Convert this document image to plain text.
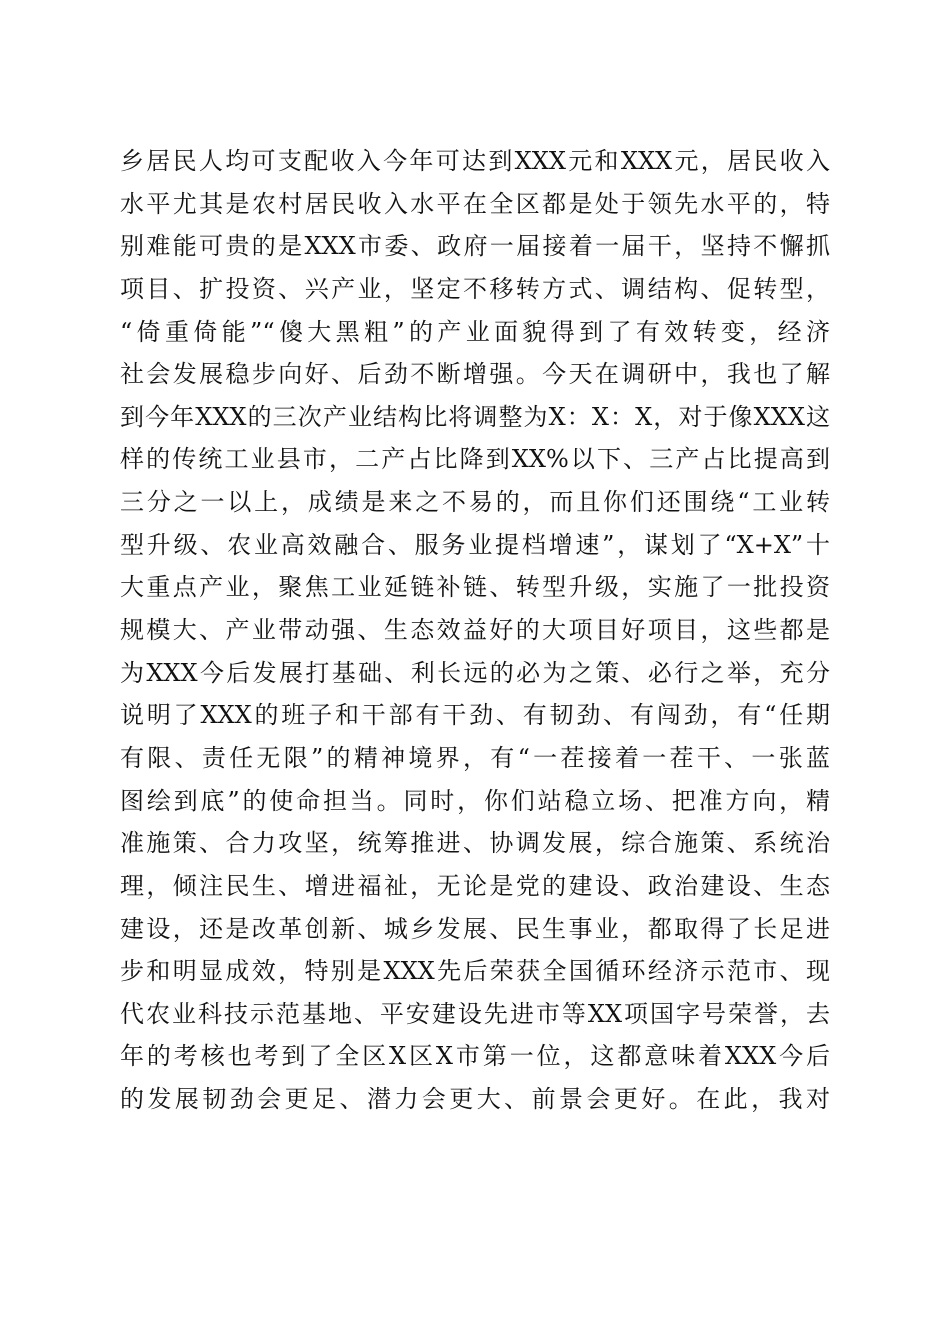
乡居民人均可支配收入今年可达到XXX元和XXX元，居民收入
水平尤其是农村居民收入水平在全区都是处于领先水平的，特
别难能可贵的是XXX市委、政府一届接着一届干，坚持不懈抓
项目、扩投资、兴产业，坚定不移转方式、调结构、促转型，
“倚重倚能”“傻大黑粗”的产业面貌得到了有效转变，经济
社会发展稳步向好、后劲不断增强。今天在调研中，我也了解
到今年XXX的三次产业结构比将调整为X：X：X，对于像XXX这
样的传统工业县市，二产占比降到XX%以下、三产占比提高到
三分之一以上，成绩是来之不易的，而且你们还围绕“工业转
型升级、农业高效融合、服务业提档增速”，谋划了“X+X”十
大重点产业，聚焦工业延链补链、转型升级，实施了一批投资
规模大、产业带动强、生态效益好的大项目好项目，这些都是
为XXX今后发展打基础、利长远的必为之策、必行之举，充分
说明了XXX的班子和干部有干劲、有韧劲、有闯劲，有“任期
有限、责任无限”的精神境界，有“一茬接着一茬干、一张蓝
图绘到底”的使命担当。同时，你们站稳立场、把准方向，精
准施策、合力攻坚，统筹推进、协调发展，综合施策、系统治
理，倾注民生、增进福祉，无论是党的建设、政治建设、生态
建设，还是改革创新、城乡发展、民生事业，都取得了长足进
步和明显成效，特别是XXX先后荣获全国循环经济示范市、现
代农业科技示范基地、平安建设先进市等XX项国字号荣誉，去
年的考核也考到了全区X区X市第一位，这都意味着XXX今后
的发展韧劲会更足、潜力会更大、前景会更好。在此，我对
